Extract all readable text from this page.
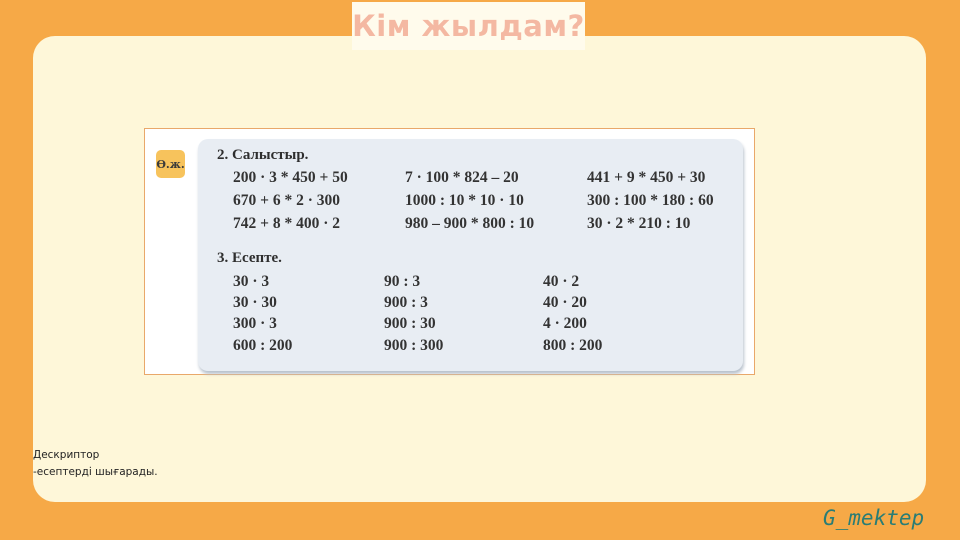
Кім жылдам?
Ө.ж.
2. Салыстыр.
200 · 3 * 450 + 50
670 + 6 * 2 · 300
742 + 8 * 400 · 2
7 · 100 * 824 – 20
1000 : 10 * 10 · 10
980 – 900 * 800 : 10
441 + 9 * 450 + 30
300 : 100 * 180 : 60
30 · 2 * 210 : 10
3. Есепте.
30 · 3
30 · 30
300 · 3
600 : 200
90 : 3
900 : 3
900 : 30
900 : 300
40 · 2
40 · 20
4 · 200
800 : 200
Дескриптор
-есептерді шығарады.
G_mektep
